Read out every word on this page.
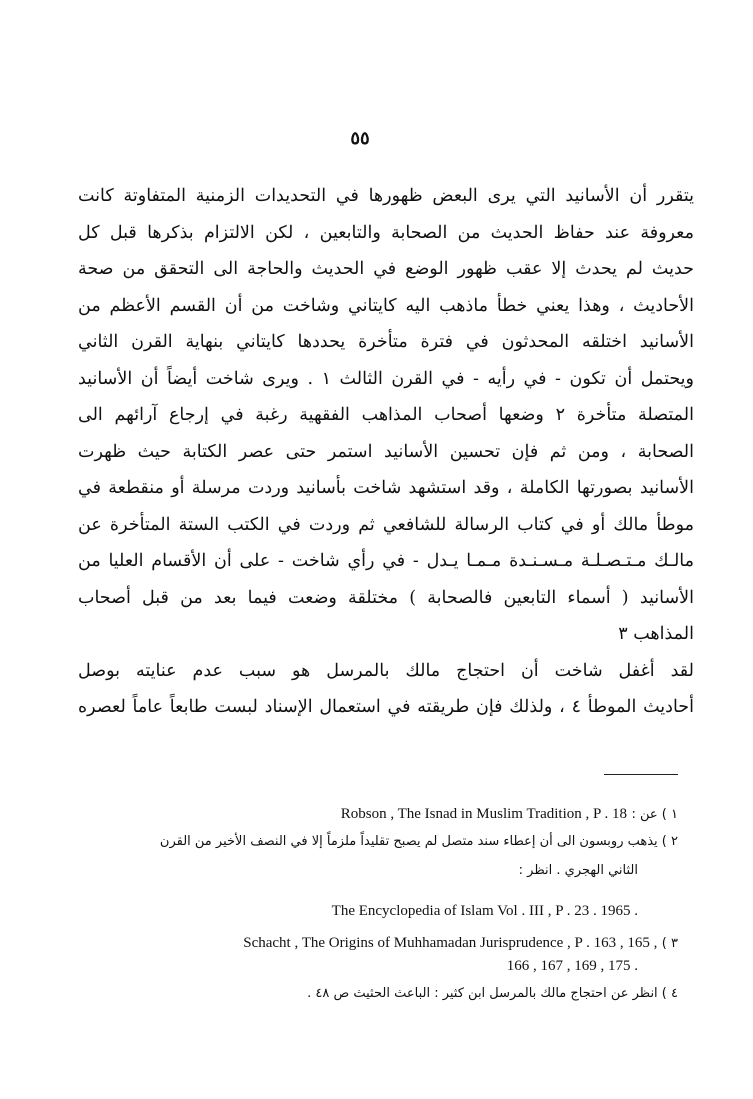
٥٥
يتقرر أن الأسانيد التي يرى البعض ظهورها في التحديدات الزمنية المتفاوتة كانت
معروفة عند حفاظ الحديث من الصحابة والتابعين ، لكن الالتزام بذكرها قبل كل
حديث لم يحدث إلا عقب ظهور الوضع في الحديث والحاجة الى التحقق من صحة
الأحاديث ، وهذا يعني خطأ ماذهب اليه كايتاني وشاخت من أن القسم الأعظم من
الأسانيد اختلقه المحدثون في فترة متأخرة يحددها كايتاني بنهاية القرن الثاني
ويحتمل أن تكون - في رأيه - في القرن الثالث ١ . ويرى شاخت أيضاً أن الأسانيد
المتصلة متأخرة ٢ وضعها أصحاب المذاهب الفقهية رغبة في إرجاع آرائهم الى
الصحابة ، ومن ثم فإن تحسين الأسانيد استمر حتى عصر الكتابة حيث ظهرت
الأسانيد بصورتها الكاملة ، وقد استشهد شاخت بأسانيد وردت مرسلة أو منقطعة في
موطأ مالك أو في كتاب الرسالة للشافعي ثم وردت في الكتب الستة المتأخرة عن
مالـك مـتـصـلـة مـسـنـدة مـمـا يـدل - في رأي شاخت - على أن الأقسام العليا من
الأسانيد ( أسماء التابعين فالصحابة ) مختلقة وضعت فيما بعد من قبل أصحاب
المذاهب ٣
لقد أغفل شاخت أن احتجاج مالك بالمرسل هو سبب عدم عنايته بوصل
أحاديث الموطأ ٤ ، ولذلك فإن طريقته في استعمال الإسناد لبست طابعاً عاماً لعصره
١ ) عن : Robson , The Isnad in Muslim Tradition , P . 18
٢ ) يذهب روبسون الى أن إعطاء سند متصل لم يصبح تقليداً ملزماً إلا في النصف الأخير من القرن
الثاني الهجري . انظر :
The Encyclopedia of Islam Vol . III , P . 23 . 1965 .
٣ ) Schacht , The Origins of Muhhamadan Jurisprudence , P . 163 , 165 ,
166 , 167 , 169 , 175 .
٤ ) انظر عن احتجاج مالك بالمرسل ابن كثير : الباعث الحثيث ص ٤٨ .
